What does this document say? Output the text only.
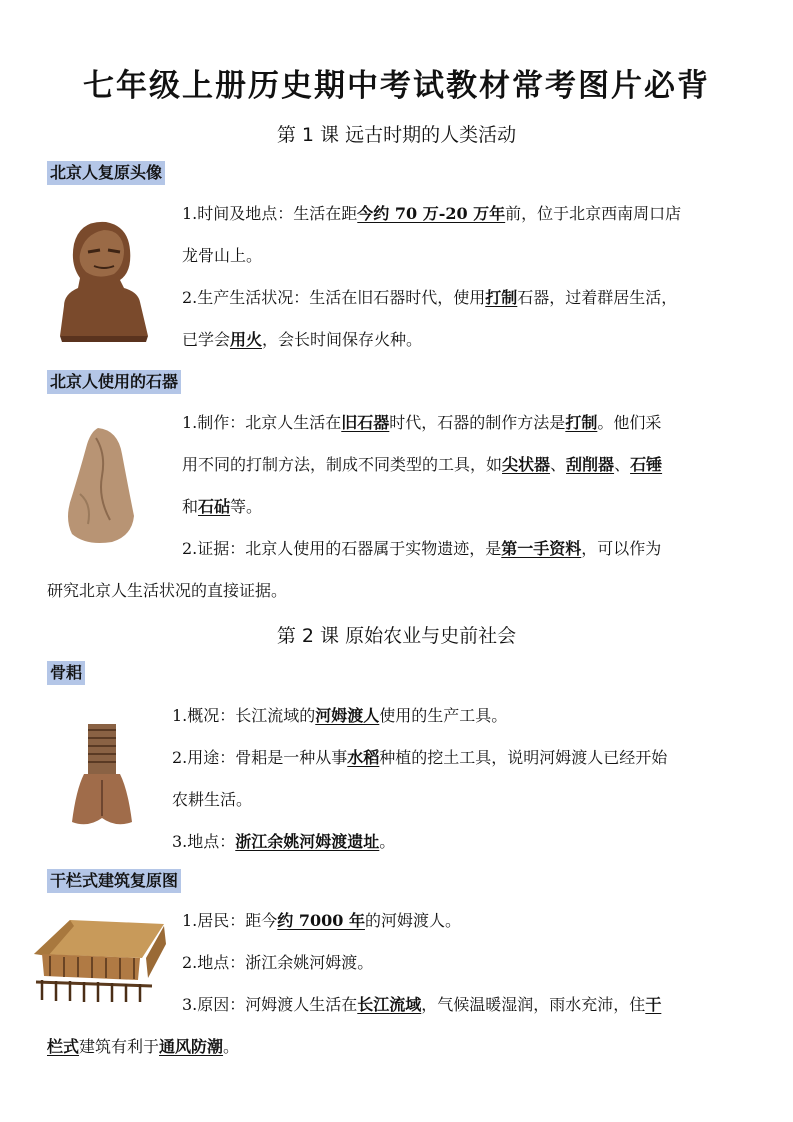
七年级上册历史期中考试教材常考图片必背
第 1 课 远古时期的人类活动
北京人复原头像

1.时间及地点：生活在距今约 70 万-20 万年前，位于北京西南周口店
龙骨山上。

2.生产生活状况：生活在旧石器时代，使用打制石器，过着群居生活，
已学会用火，会长时间保存火种。

北京人使用的石器

1.制作：北京人生活在旧石器时代，石器的制作方法是打制。他们采
用不同的打制方法，制成不同类型的工具，如尖状器、刮削器、石锤
和石砧等。

2.证据：北京人使用的石器属于实物遗迹，是第一手资料，可以作为

研究北京人生活状况的直接证据。

第 2 课 原始农业与史前社会
骨耜

1.概况：长江流域的河姆渡人使用的生产工具。

2.用途：骨耜是一种从事水稻种植的挖土工具，说明河姆渡人已经开始
农耕生活。

3.地点：浙江余姚河姆渡遗址。

干栏式建筑复原图

1.居民：距今约 7000 年的河姆渡人。

2.地点：浙江余姚河姆渡。

3.原因：河姆渡人生活在长江流域，气候温暖湿润，雨水充沛，住干

栏式建筑有利于通风防潮。
